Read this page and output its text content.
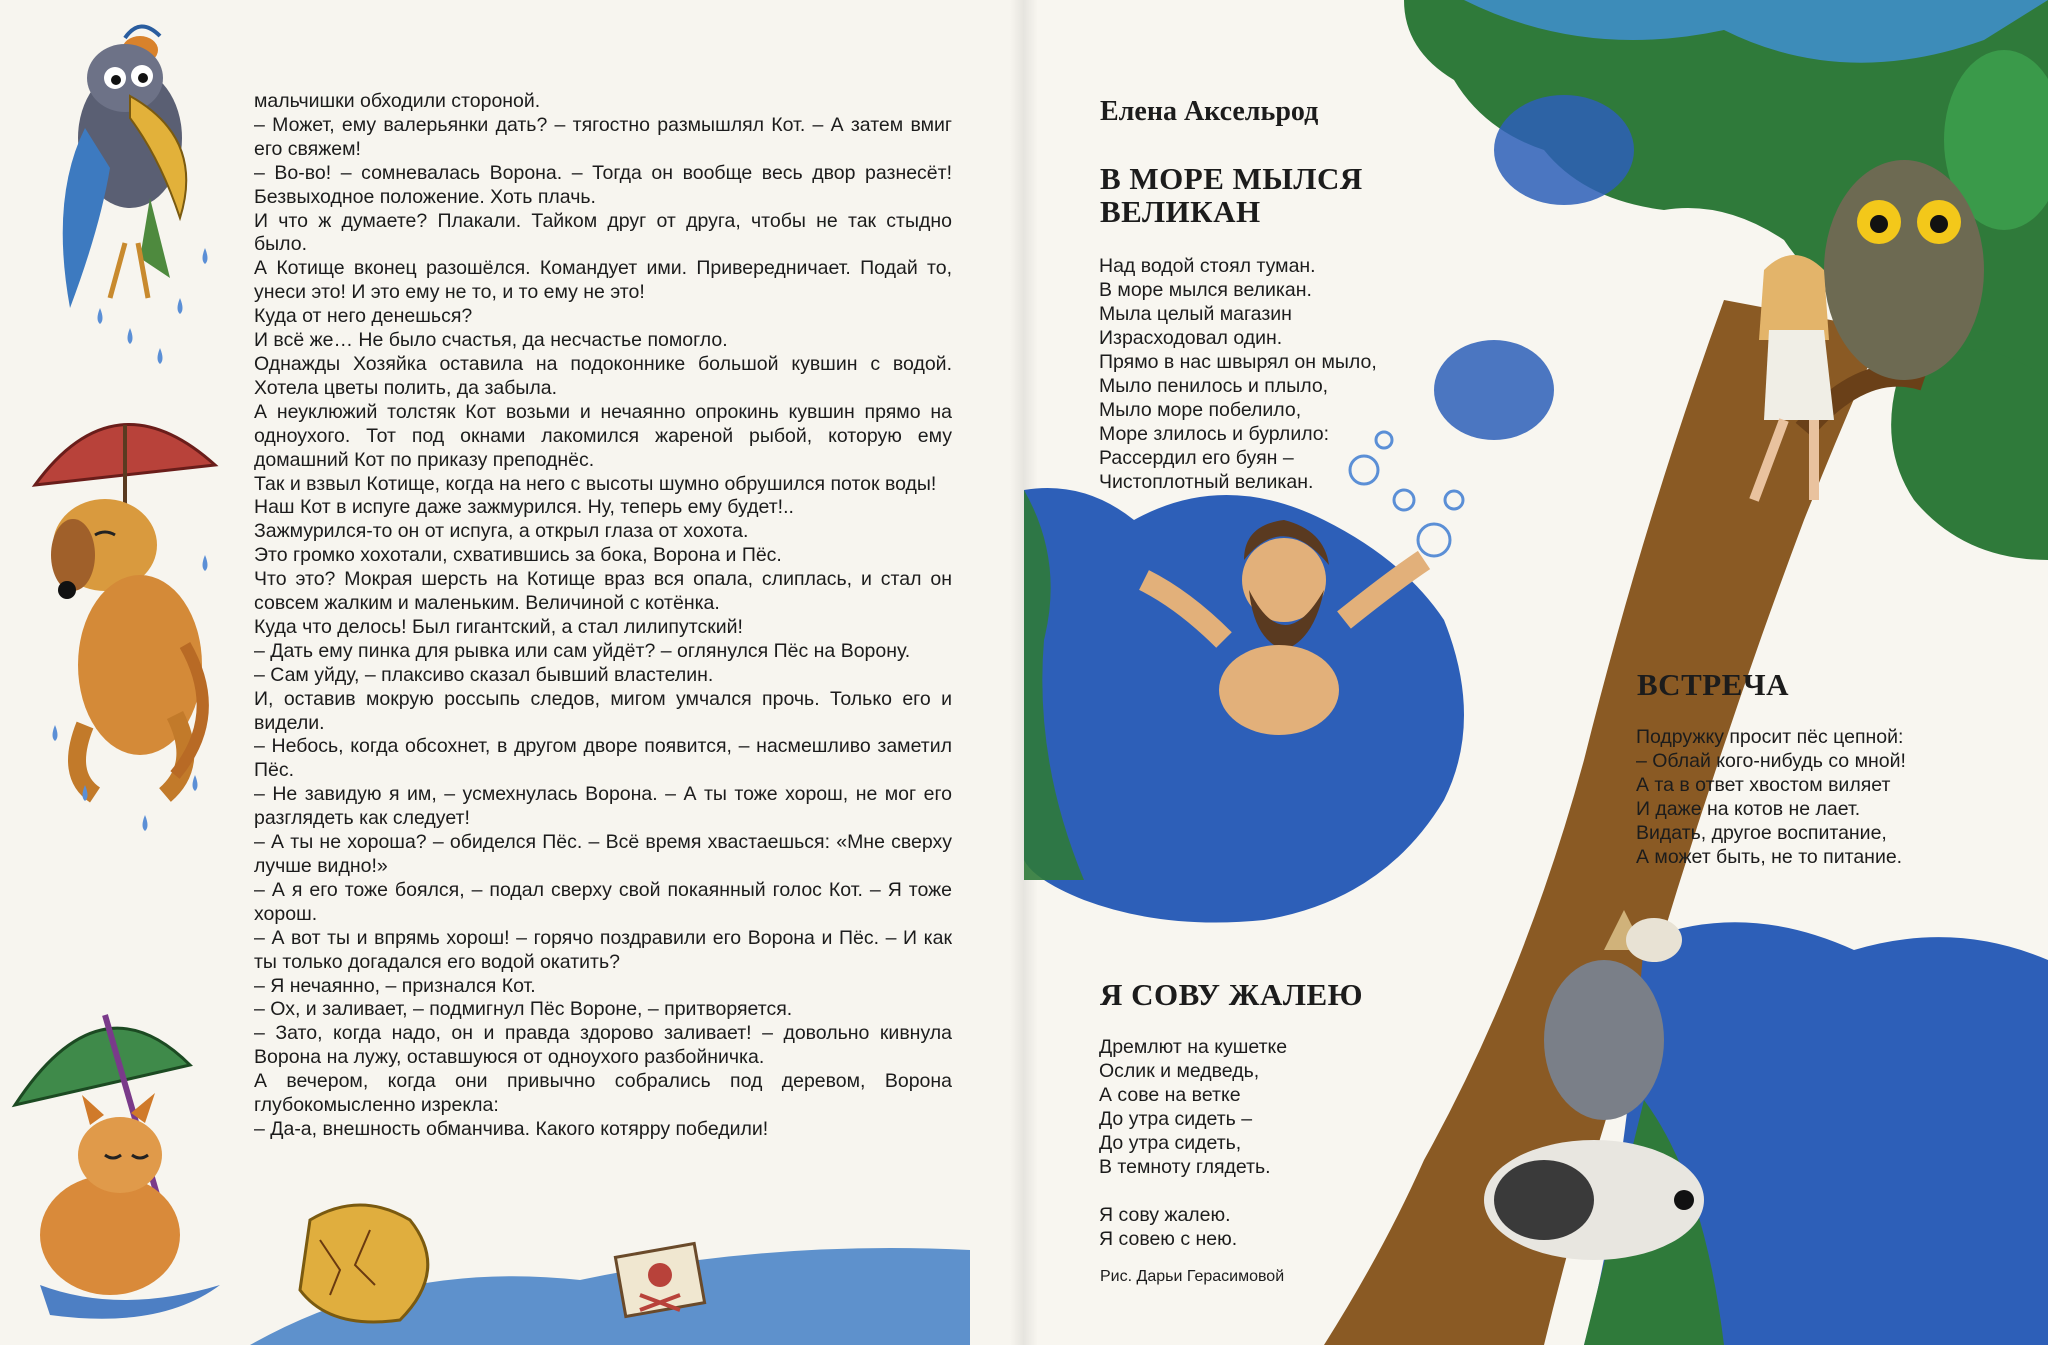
мальчишки обходили стороной.

– Может, ему валерьянки дать? – тягостно размышлял Кот. – А затем вмиг его свяжем!

– Во-во! – сомневалась Ворона. – Тогда он вообще весь двор разнесёт! Безвыходное положение. Хоть плачь.

И что ж думаете? Плакали. Тайком друг от друга, чтобы не так стыдно было.

А Котище вконец разошёлся. Командует ими. Привередничает. Подай то, унеси это! И это ему не то, и то ему не это!

Куда от него денешься?

И всё же… Не было счастья, да несчастье помогло.

Однажды Хозяйка оставила на подоконнике большой кувшин с водой. Хотела цветы полить, да забыла.

А неуклюжий толстяк Кот возьми и нечаянно опрокинь кувшин прямо на одноухого. Тот под окнами лакомился жареной рыбой, которую ему домашний Кот по приказу преподнёс.

Так и взвыл Котище, когда на него с высоты шумно обрушился поток воды!

Наш Кот в испуге даже зажмурился. Ну, теперь ему будет!..

Зажмурился-то он от испуга, а открыл глаза от хохота.

Это громко хохотали, схватившись за бока, Ворона и Пёс.

Что это? Мокрая шерсть на Котище враз вся опала, слиплась, и стал он совсем жалким и маленьким. Величиной с котёнка.

Куда что делось! Был гигантский, а стал лилипутский!

– Дать ему пинка для рывка или сам уйдёт? – оглянулся Пёс на Ворону.

– Сам уйду, – плаксиво сказал бывший властелин.

И, оставив мокрую россыпь следов, мигом умчался прочь. Только его и видели.

– Небось, когда обсохнет, в другом дворе появится, – насмешливо заметил Пёс.

– Не завидую я им, – усмехнулась Ворона. – А ты тоже хорош, не мог его разглядеть как следует!

– А ты не хороша? – обиделся Пёс. – Всё время хвастаешься: «Мне сверху лучше видно!»

– А я его тоже боялся, – подал сверху свой покаянный голос Кот. – Я тоже хорош.

– А вот ты и впрямь хорош! – горячо поздравили его Ворона и Пёс. – И как ты только догадался его водой окатить?

– Я нечаянно, – признался Кот.

– Ох, и заливает, – подмигнул Пёс Вороне, – притворяется.

– Зато, когда надо, он и правда здорово заливает! – довольно кивнула Ворона на лужу, оставшуюся от одноухого разбойничка.

А вечером, когда они привычно собрались под деревом, Ворона глубокомысленно изрекла:

– Да-а, внешность обманчива. Какого котярру победили!

Елена Аксельрод
В МОРЕ МЫЛСЯ ВЕЛИКАН

Над водой стоял туман.

В море мылся великан.

Мыла целый магазин

Израсходовал один.

Прямо в нас швырял он мыло,

Мыло пенилось и плыло,

Мыло море побелило,

Море злилось и бурлило:

Рассердил его буян –

Чистоплотный великан.

ВСТРЕЧА

Подружку просит пёс цепной:

– Облай кого-нибудь со мной!

А та в ответ хвостом виляет

И даже на котов не лает.

Видать, другое воспитание,

А может быть, не то питание.

Я СОВУ ЖАЛЕЮ

Дремлют на кушетке

Ослик и медведь,

А сове на ветке

До утра сидеть –

До утра сидеть,

В темноту глядеть.

Я сову жалею.

Я совею с нею.

Рис. Дарьи Герасимовой
